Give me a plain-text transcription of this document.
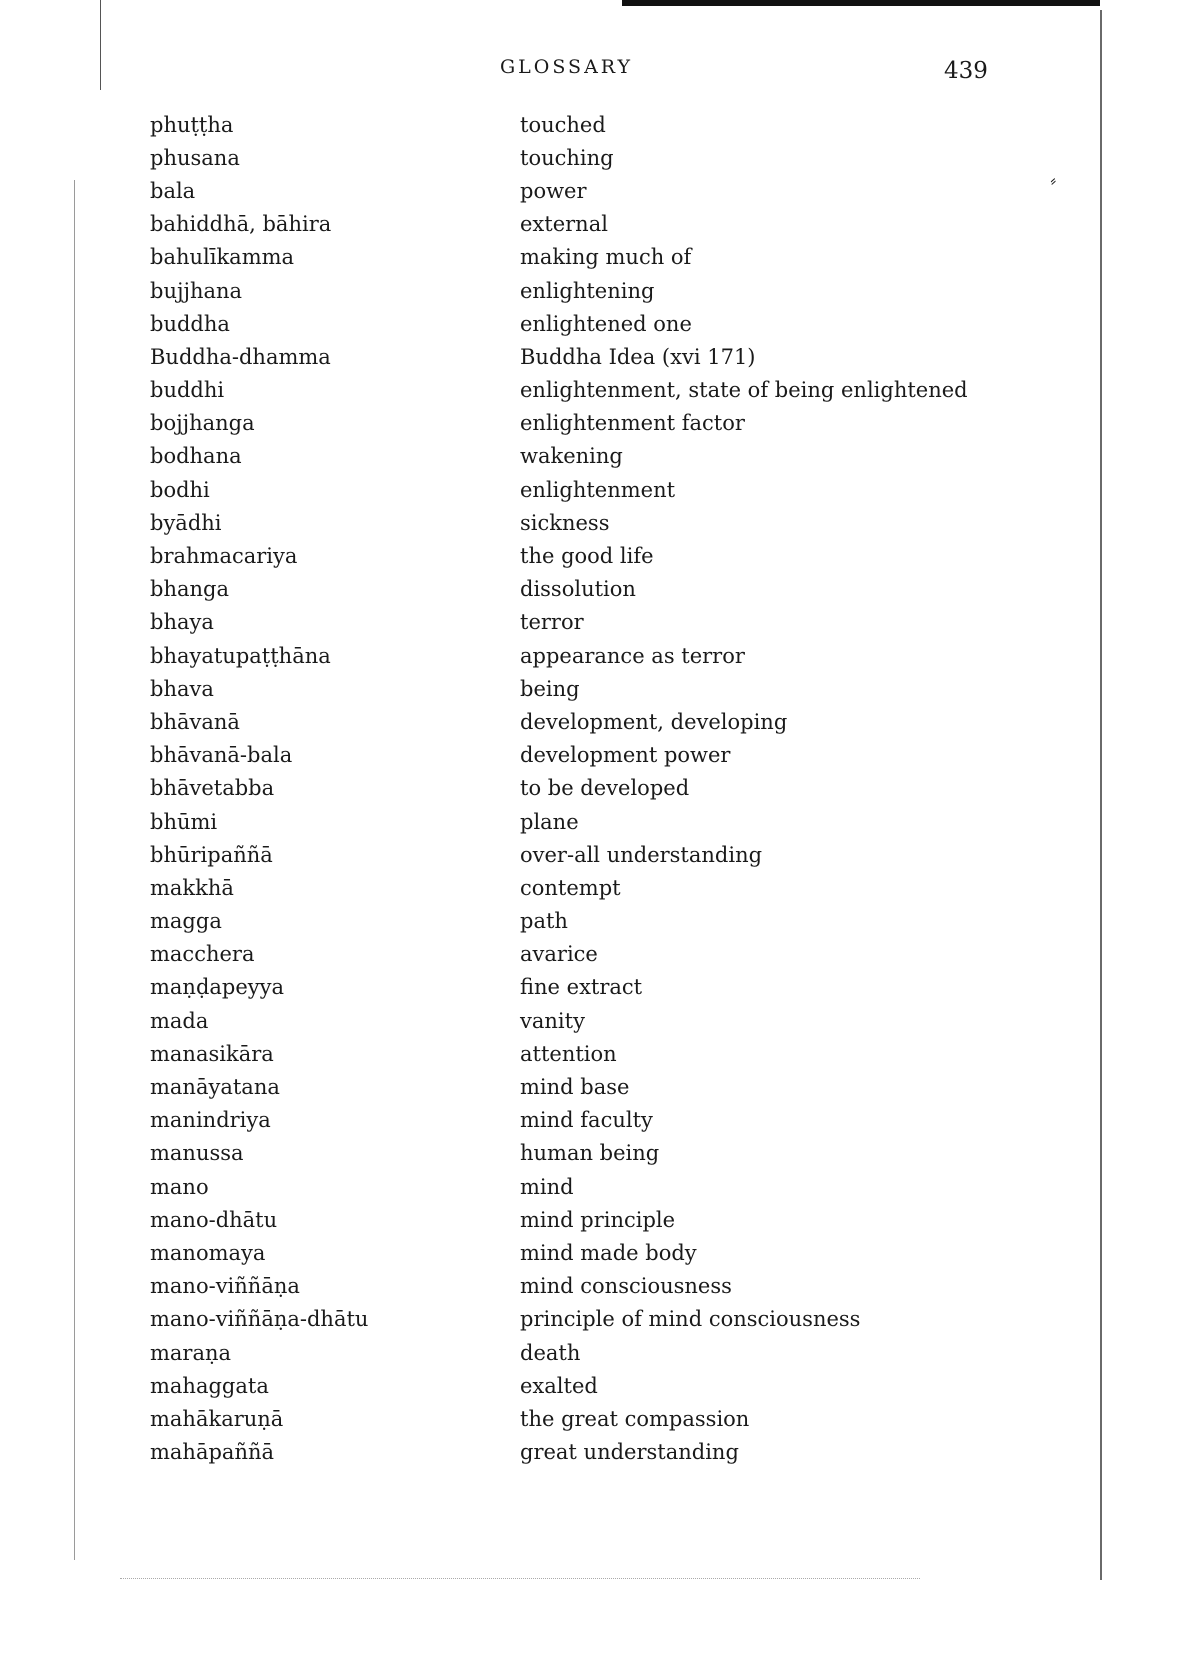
⸗
GLOSSARY	439
phuṭṭha	touched
phusana	touching
bala	power
bahiddhā, bāhira	external
bahulīkamma	making much of
bujjhana	enlightening
buddha	enlightened one
Buddha-dhamma	Buddha Idea (xvi 171)
buddhi	enlightenment, state of being enlightened
bojjhanga	enlightenment factor
bodhana	wakening
bodhi	enlightenment
byādhi	sickness
brahmacariya	the good life
bhanga	dissolution
bhaya	terror
bhayatupaṭṭhāna	appearance as terror
bhava	being
bhāvanā	development, developing
bhāvanā-bala	development power
bhāvetabba	to be developed
bhūmi	plane
bhūripaññā	over-all understanding
makkhā	contempt
magga	path
macchera	avarice
maṇḍapeyya	fine extract
mada	vanity
manasikāra	attention
manāyatana	mind base
manindriya	mind faculty
manussa	human being
mano	mind
mano-dhātu	mind principle
manomaya	mind made body
mano-viññāṇa	mind consciousness
mano-viññāṇa-dhātu	principle of mind consciousness
maraṇa	death
mahaggata	exalted
mahākaruṇā	the great compassion
mahāpaññā	great understanding
